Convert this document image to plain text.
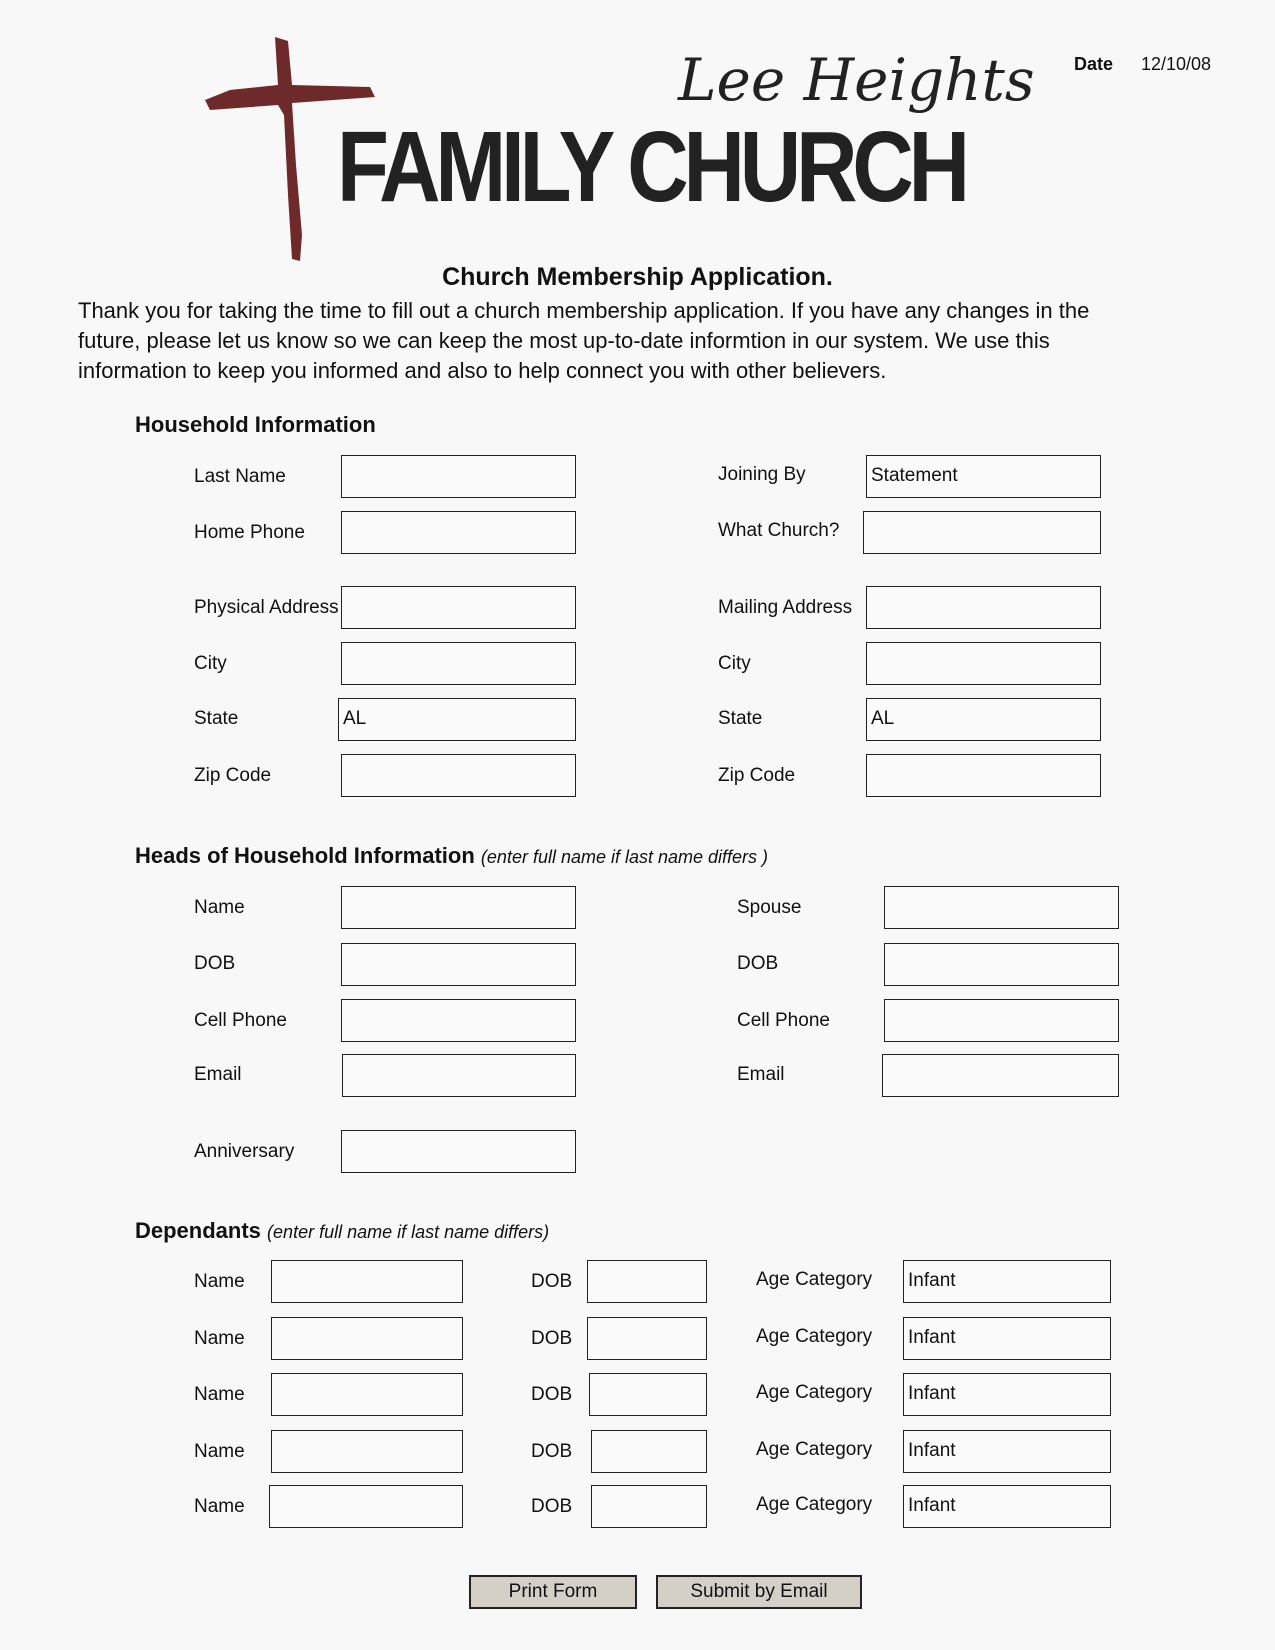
Date 12/10/08
Lee Heights
FAMILY CHURCH
Church Membership Application.
Thank you for taking the time to fill out a church membership application. If you have any changes in the
future, please let us know so we can keep the most up-to-date informtion in our system. We use this
information to keep you informed and also to help connect you with other believers.
Household Information
Last Name
Home Phone
Physical Address
City
State	AL
Zip Code
Joining By	Statement
What Church?
Mailing Address
City
State	AL
Zip Code
Heads of Household Information (enter full name if last name differs )
Name
DOB
Cell Phone
Email
Anniversary
Spouse
DOB
Cell Phone
Email
Dependants (enter full name if last name differs)
Name	DOB	Age Category Infant
Name	DOB	Age Category Infant
Name	DOB	Age Category Infant
Name	DOB	Age Category Infant
Name	DOB	Age Category Infant
Print Form	Submit by Email
